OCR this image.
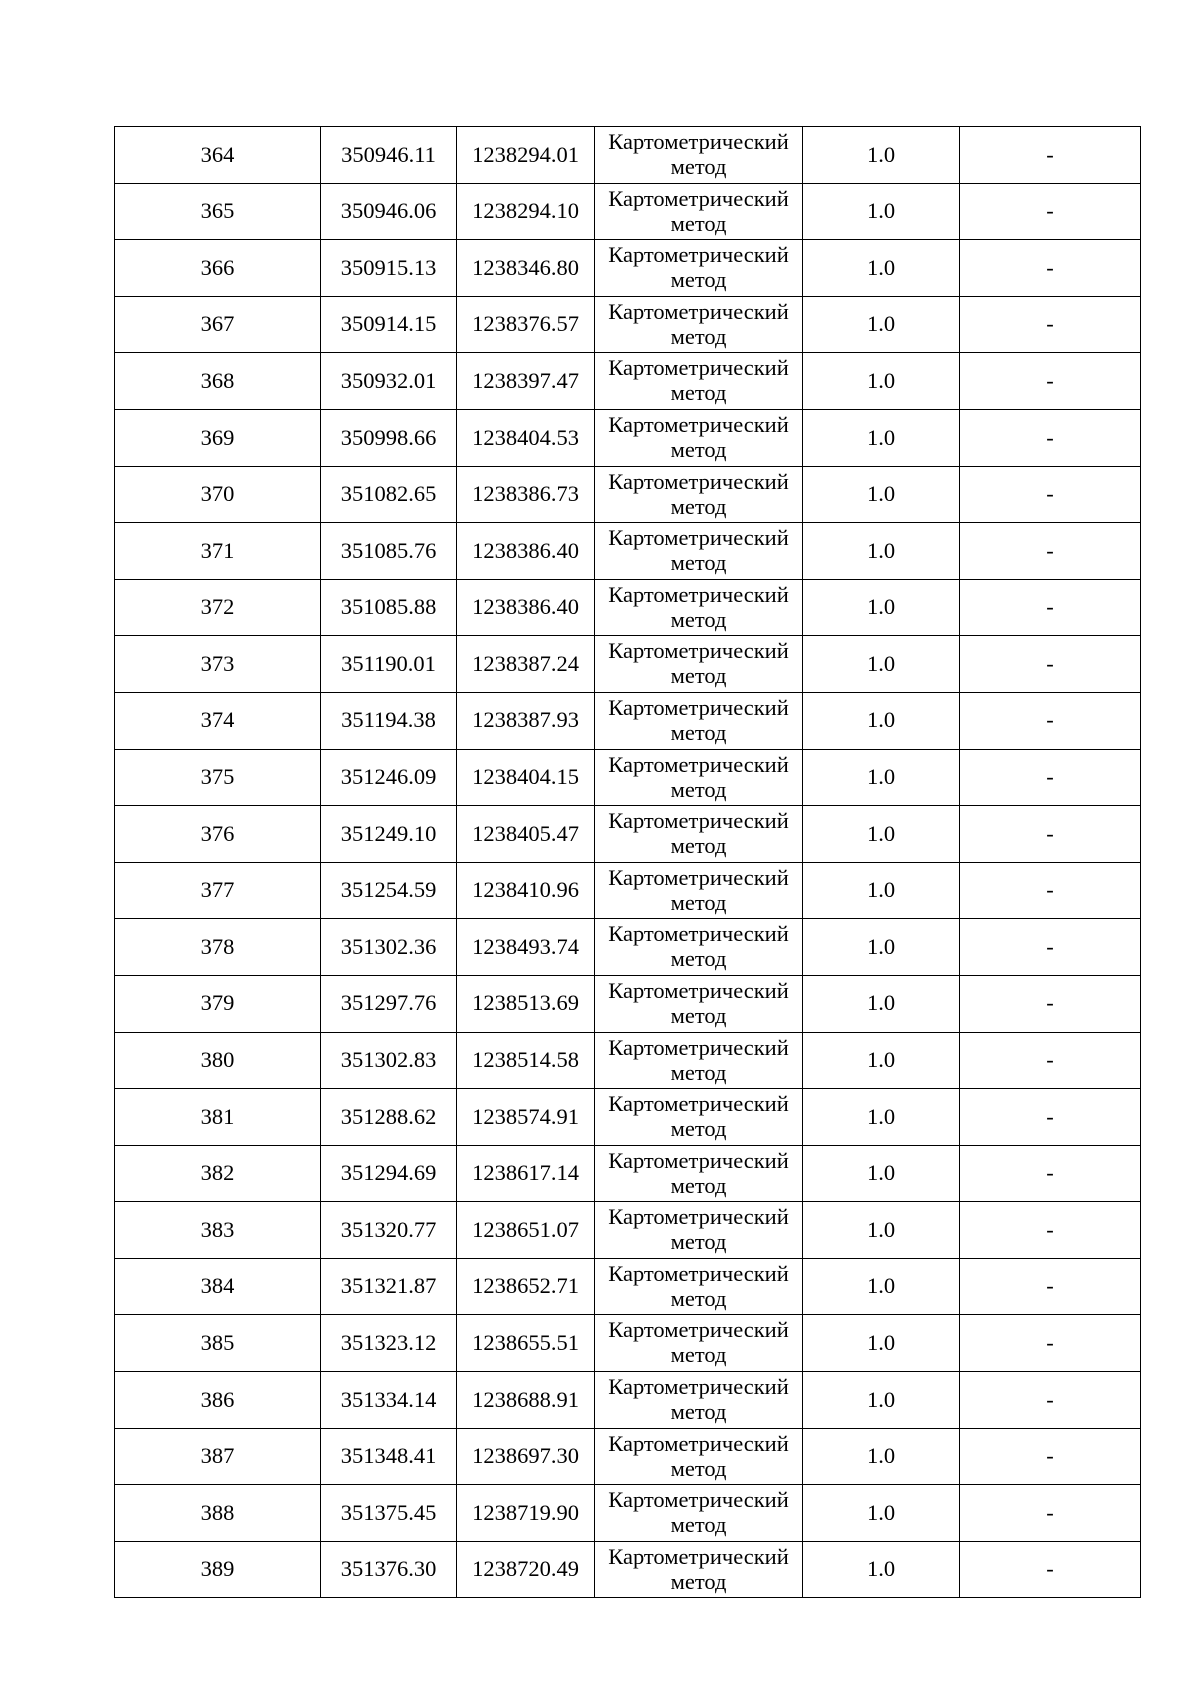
364	350946.11	1238294.01	Картометрический метод	1.0	-
365	350946.06	1238294.10	Картометрический метод	1.0	-
366	350915.13	1238346.80	Картометрический метод	1.0	-
367	350914.15	1238376.57	Картометрический метод	1.0	-
368	350932.01	1238397.47	Картометрический метод	1.0	-
369	350998.66	1238404.53	Картометрический метод	1.0	-
370	351082.65	1238386.73	Картометрический метод	1.0	-
371	351085.76	1238386.40	Картометрический метод	1.0	-
372	351085.88	1238386.40	Картометрический метод	1.0	-
373	351190.01	1238387.24	Картометрический метод	1.0	-
374	351194.38	1238387.93	Картометрический метод	1.0	-
375	351246.09	1238404.15	Картометрический метод	1.0	-
376	351249.10	1238405.47	Картометрический метод	1.0	-
377	351254.59	1238410.96	Картометрический метод	1.0	-
378	351302.36	1238493.74	Картометрический метод	1.0	-
379	351297.76	1238513.69	Картометрический метод	1.0	-
380	351302.83	1238514.58	Картометрический метод	1.0	-
381	351288.62	1238574.91	Картометрический метод	1.0	-
382	351294.69	1238617.14	Картометрический метод	1.0	-
383	351320.77	1238651.07	Картометрический метод	1.0	-
384	351321.87	1238652.71	Картометрический метод	1.0	-
385	351323.12	1238655.51	Картометрический метод	1.0	-
386	351334.14	1238688.91	Картометрический метод	1.0	-
387	351348.41	1238697.30	Картометрический метод	1.0	-
388	351375.45	1238719.90	Картометрический метод	1.0	-
389	351376.30	1238720.49	Картометрический метод	1.0	-
